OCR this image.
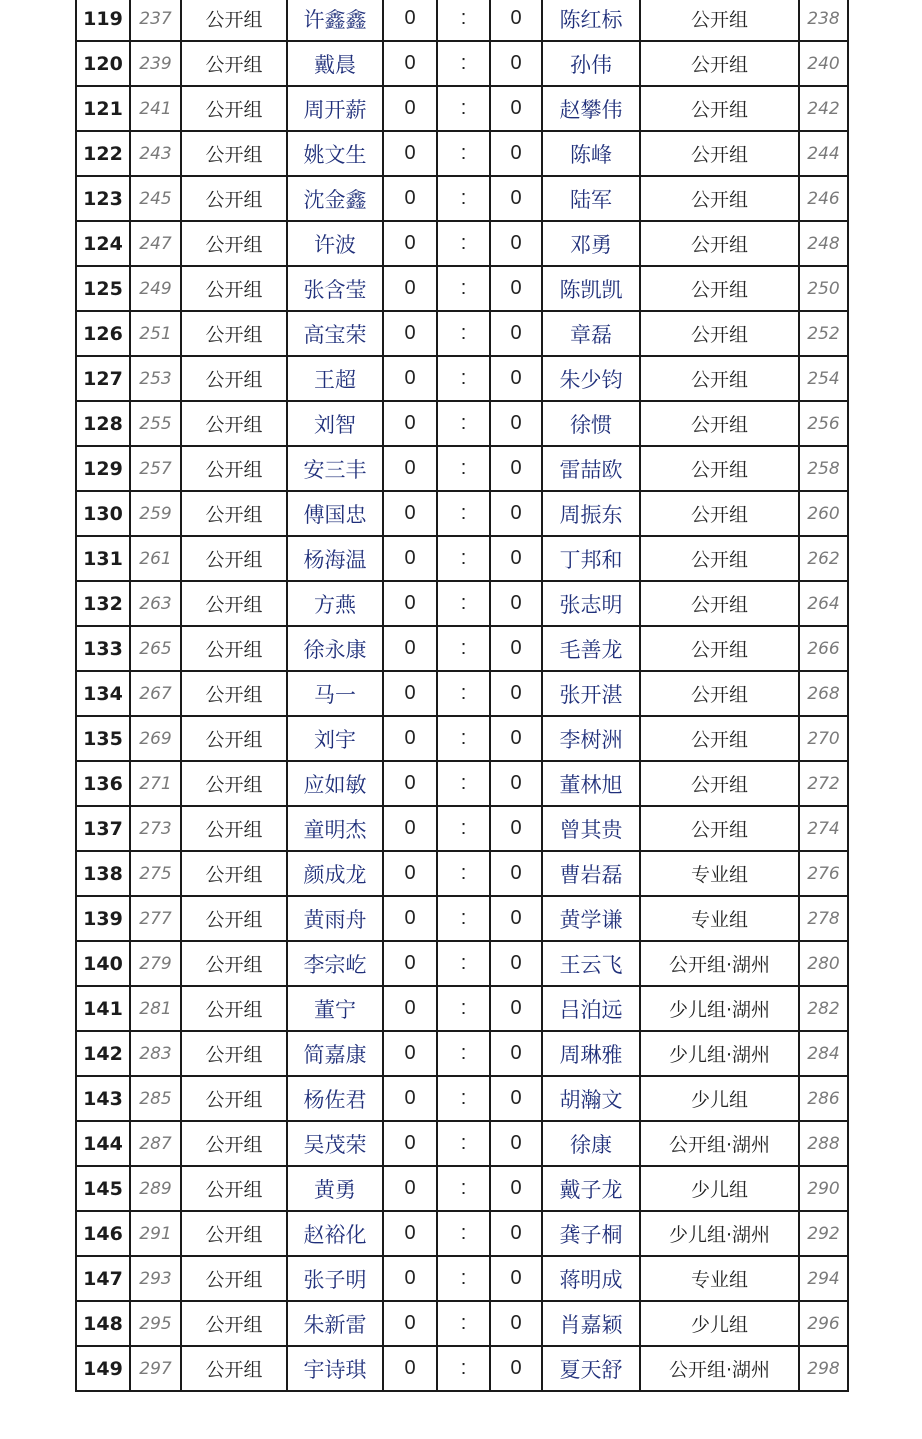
119	237	公开组	许鑫鑫	0	:	0	陈红标	公开组	238
120	239	公开组	戴晨	0	:	0	孙伟	公开组	240
121	241	公开组	周开薪	0	:	0	赵攀伟	公开组	242
122	243	公开组	姚文生	0	:	0	陈峰	公开组	244
123	245	公开组	沈金鑫	0	:	0	陆军	公开组	246
124	247	公开组	许波	0	:	0	邓勇	公开组	248
125	249	公开组	张含莹	0	:	0	陈凯凯	公开组	250
126	251	公开组	高宝荣	0	:	0	章磊	公开组	252
127	253	公开组	王超	0	:	0	朱少钧	公开组	254
128	255	公开组	刘智	0	:	0	徐惯	公开组	256
129	257	公开组	安三丰	0	:	0	雷喆欧	公开组	258
130	259	公开组	傅国忠	0	:	0	周振东	公开组	260
131	261	公开组	杨海温	0	:	0	丁邦和	公开组	262
132	263	公开组	方燕	0	:	0	张志明	公开组	264
133	265	公开组	徐永康	0	:	0	毛善龙	公开组	266
134	267	公开组	马一	0	:	0	张开湛	公开组	268
135	269	公开组	刘宇	0	:	0	李树洲	公开组	270
136	271	公开组	应如敏	0	:	0	董林旭	公开组	272
137	273	公开组	童明杰	0	:	0	曾其贵	公开组	274
138	275	公开组	颜成龙	0	:	0	曹岩磊	专业组	276
139	277	公开组	黄雨舟	0	:	0	黄学谦	专业组	278
140	279	公开组	李宗屹	0	:	0	王云飞	公开组·湖州	280
141	281	公开组	董宁	0	:	0	吕泊远	少儿组·湖州	282
142	283	公开组	简嘉康	0	:	0	周琳雅	少儿组·湖州	284
143	285	公开组	杨佐君	0	:	0	胡瀚文	少儿组	286
144	287	公开组	吴茂荣	0	:	0	徐康	公开组·湖州	288
145	289	公开组	黄勇	0	:	0	戴子龙	少儿组	290
146	291	公开组	赵裕化	0	:	0	龚子桐	少儿组·湖州	292
147	293	公开组	张子明	0	:	0	蒋明成	专业组	294
148	295	公开组	朱新雷	0	:	0	肖嘉颖	少儿组	296
149	297	公开组	宇诗琪	0	:	0	夏天舒	公开组·湖州	298
